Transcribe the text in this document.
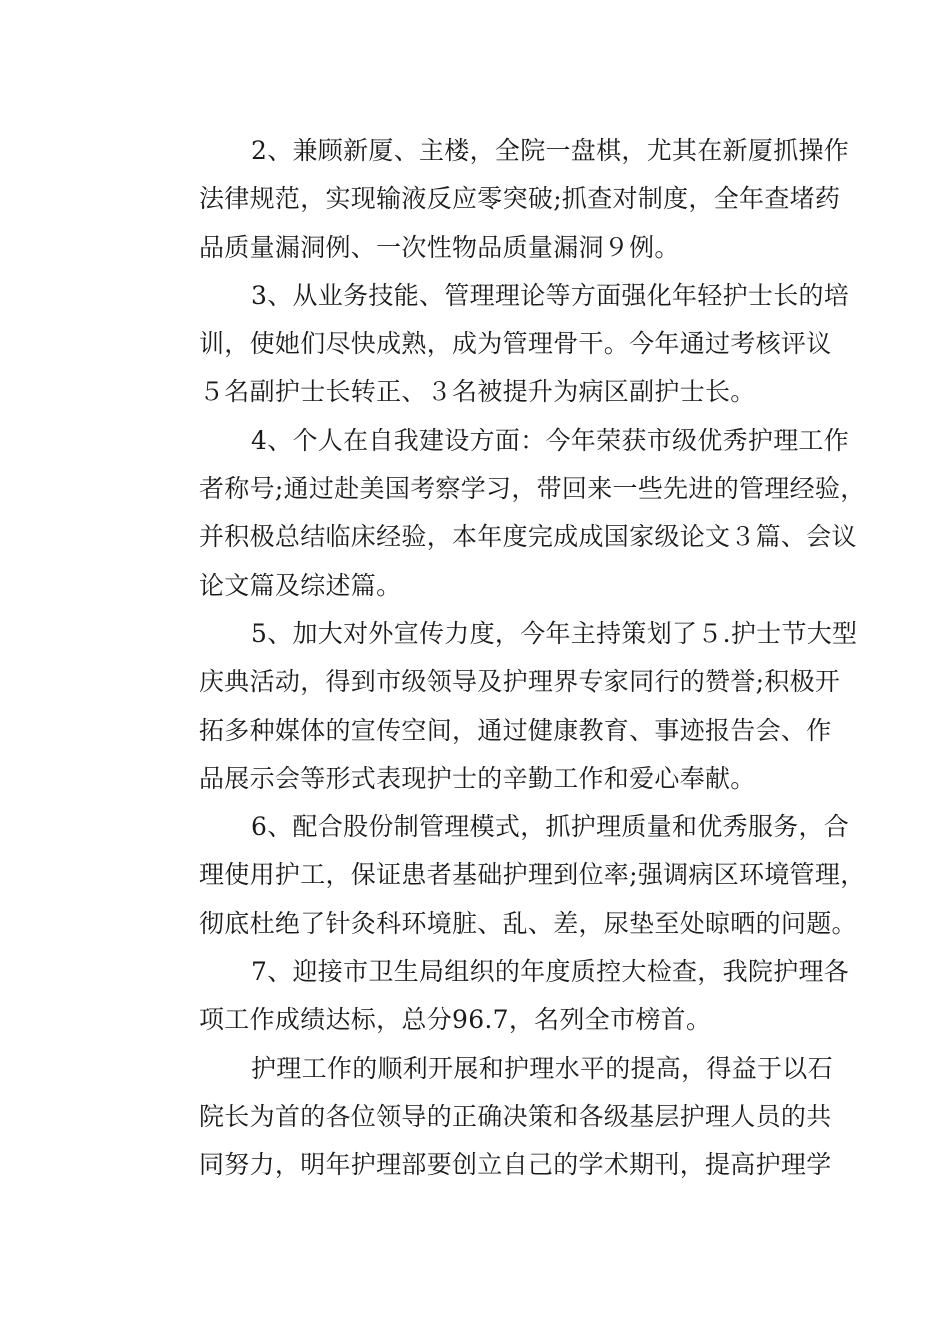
2、兼顾新厦、主楼，全院一盘棋，尤其在新厦抓操作
法律规范，实现输液反应零突破;抓查对制度，全年查堵药
品质量漏洞例、一次性物品质量漏洞９例。
3、从业务技能、管理理论等方面强化年轻护士长的培
训，使她们尽快成熟，成为管理骨干。今年通过考核评议
５名副护士长转正、３名被提升为病区副护士长。
4、个人在自我建设方面：今年荣获市级优秀护理工作
者称号;通过赴美国考察学习，带回来一些先进的管理经验，
并积极总结临床经验，本年度完成成国家级论文３篇、会议
论文篇及综述篇。
5、加大对外宣传力度，今年主持策划了５.护士节大型
庆典活动，得到市级领导及护理界专家同行的赞誉;积极开
拓多种媒体的宣传空间，通过健康教育、事迹报告会、作
品展示会等形式表现护士的辛勤工作和爱心奉献。
6、配合股份制管理模式，抓护理质量和优秀服务，合
理使用护工，保证患者基础护理到位率;强调病区环境管理，
彻底杜绝了针灸科环境脏、乱、差，尿垫至处晾晒的问题。
7、迎接市卫生局组织的年度质控大检查，我院护理各
项工作成绩达标，总分96.7，名列全市榜首。
护理工作的顺利开展和护理水平的提高，得益于以石
院长为首的各位领导的正确决策和各级基层护理人员的共
同努力，明年护理部要创立自己的学术期刊，提高护理学
